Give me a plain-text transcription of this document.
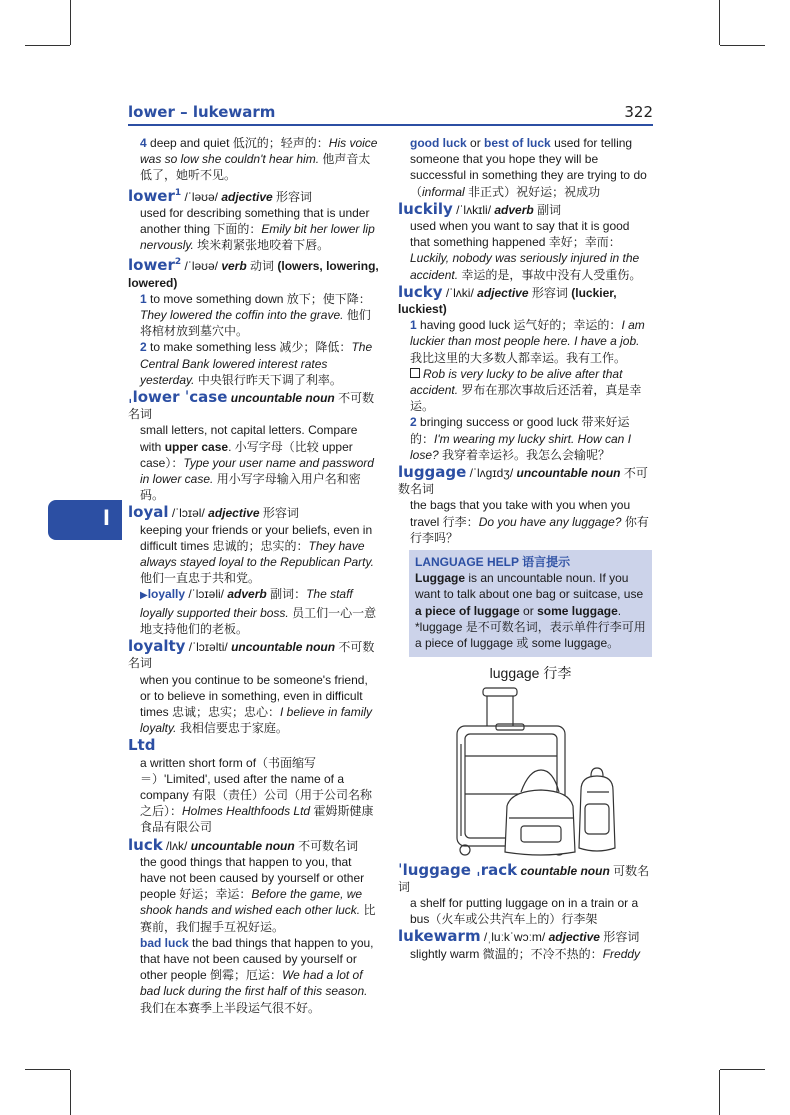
lower – lukewarm	322
l
4 deep and quiet 低沉的；轻声的：His voice was so low she couldn't hear him. 他声音太低了，她听不见。
lower$^1$ /ˈləʊə/ adjective 形容词
used for describing something that is under another thing 下面的：Emily bit her lower lip nervously. 埃米莉紧张地咬着下唇。
lower$^2$ /ˈləʊə/ verb 动词 (lowers, lowering, lowered)
1 to move something down 放下；使下降：They lowered the coffin into the grave. 他们将棺材放到墓穴中。
2 to make something less 减少；降低：The Central Bank lowered interest rates yesterday. 中央银行昨天下调了利率。
ˌlower ˈcase uncountable noun 不可数名词
small letters, not capital letters. Compare with upper case. 小写字母（比较 upper case）：Type your user name and password in lower case. 用小写字母输入用户名和密码。
loyal /ˈlɔɪəl/ adjective 形容词
keeping your friends or your beliefs, even in difficult times 忠诚的；忠实的：They have always stayed loyal to the Republican Party. 他们一直忠于共和党。
▶loyally /ˈlɔɪəli/ adverb 副词：The staff loyally supported their boss. 员工们一心一意地支持他们的老板。
loyalty /ˈlɔɪəlti/ uncountable noun 不可数名词
when you continue to be someone's friend, or to believe in something, even in difficult times 忠诚；忠实；忠心：I believe in family loyalty. 我相信要忠于家庭。
Ltd
a written short form of（书面缩写＝）'Limited', used after the name of a company 有限（责任）公司（用于公司名称之后）：Holmes Healthfoods Ltd 霍姆斯健康食品有限公司
luck /lʌk/ uncountable noun 不可数名词
the good things that happen to you, that have not been caused by yourself or other people 好运；幸运：Before the game, we shook hands and wished each other luck. 比赛前，我们握手互祝好运。
bad luck the bad things that happen to you, that have not been caused by yourself or other people 倒霉；厄运：We had a lot of bad luck during the first half of this season. 我们在本赛季上半段运气很不好。
good luck or best of luck used for telling someone that you hope they will be successful in something they are trying to do（informal 非正式）祝好运；祝成功
luckily /ˈlʌkɪli/ adverb 副词
used when you want to say that it is good that something happened 幸好；幸而：Luckily, nobody was seriously injured in the accident. 幸运的是，事故中没有人受重伤。
lucky /ˈlʌki/ adjective 形容词 (luckier, luckiest)
1 having good luck 运气好的；幸运的：I am luckier than most people here. I have a job. 我比这里的大多数人都幸运。我有工作。
Rob is very lucky to be alive after that accident. 罗布在那次事故后还活着，真是幸运。
2 bringing success or good luck 带来好运的：I'm wearing my lucky shirt. How can I lose? 我穿着幸运衫。我怎么会输呢？
luggage /ˈlʌɡɪdʒ/ uncountable noun 不可数名词
the bags that you take with you when you travel 行李：Do you have any luggage? 你有行李吗？
LANGUAGE HELP 语言提示
Luggage is an uncountable noun. If you want to talk about one bag or suitcase, use a piece of luggage or some luggage. *luggage 是不可数名词，表示单件行李可用 a piece of luggage 或 some luggage。
luggage 行李
ˈluggage ˌrack countable noun 可数名词
a shelf for putting luggage on in a train or a bus（火车或公共汽车上的）行李架
lukewarm /ˌluːkˈwɔːm/ adjective 形容词
slightly warm 微温的；不冷不热的：Freddy
